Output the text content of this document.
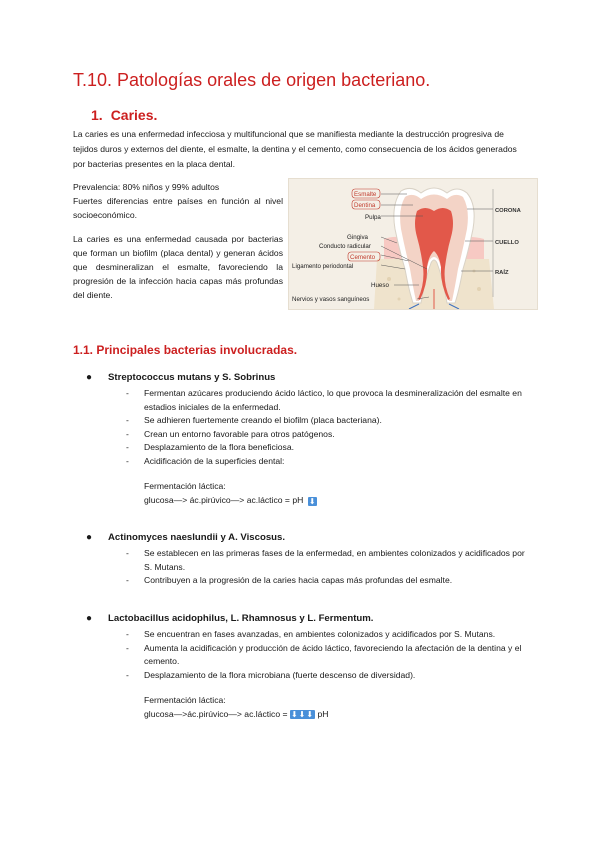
T.10. Patologías orales de origen bacteriano.
1. Caries.

La caries es una enfermedad infecciosa y multifuncional que se manifiesta mediante la destrucción progresiva de tejidos duros y externos del diente, el esmalte, la dentina y el cemento, como consecuencia de los ácidos generados por bacterias presentes en la placa dental.

Prevalencia: 80% niños y 99% adultos
Fuertes diferencias entre países en función al nivel socioeconómico.

La caries es una enfermedad causada por bacterias que forman un biofilm (placa dental) y generan ácidos que desmineralizan el esmalte, favoreciendo la progresión de la infección hacia capas más profundas del diente.

Esmalte
Dentina
Pulpa
Gingiva
Conducto radicular
Cemento
Ligamento periodontal
Hueso
Nervios y vasos sanguíneos
CORONA
CUELLO
RAÍZ
1.1. Principales bacterias involucradas.
●	Streptococcus mutans y S. Sobrinus
- Fermentan azúcares produciendo ácido láctico, lo que provoca la desmineralización del esmalte en estadios iniciales de la enfermedad.
- Se adhieren fuertemente creando el biofilm (placa bacteriana).
- Crean un entorno favorable para otros patógenos.
- Desplazamiento de la flora beneficiosa.
- Acidificación de la superficies dental:
Fermentación láctica:
glucosa—> ác.pirúvico—> ac.láctico = pH ⬇
●	Actinomyces naeslundii y A. Viscosus.
- Se establecen en las primeras fases de la enfermedad, en ambientes colonizados y acidificados por S. Mutans.
- Contribuyen a la progresión de la caries hacia capas más profundas del esmalte.
●	Lactobacillus acidophilus, L. Rhamnosus y L. Fermentum.
- Se encuentran en fases avanzadas, en ambientes colonizados y acidificados por S. Mutans.
- Aumenta la acidificación y producción de ácido láctico, favoreciendo la afectación de la dentina y el cemento.
- Desplazamiento de la flora microbiana (fuerte descenso de diversidad).
Fermentación láctica:
glucosa—>ác.pirúvico—> ac.láctico = ⬇⬇⬇ pH
